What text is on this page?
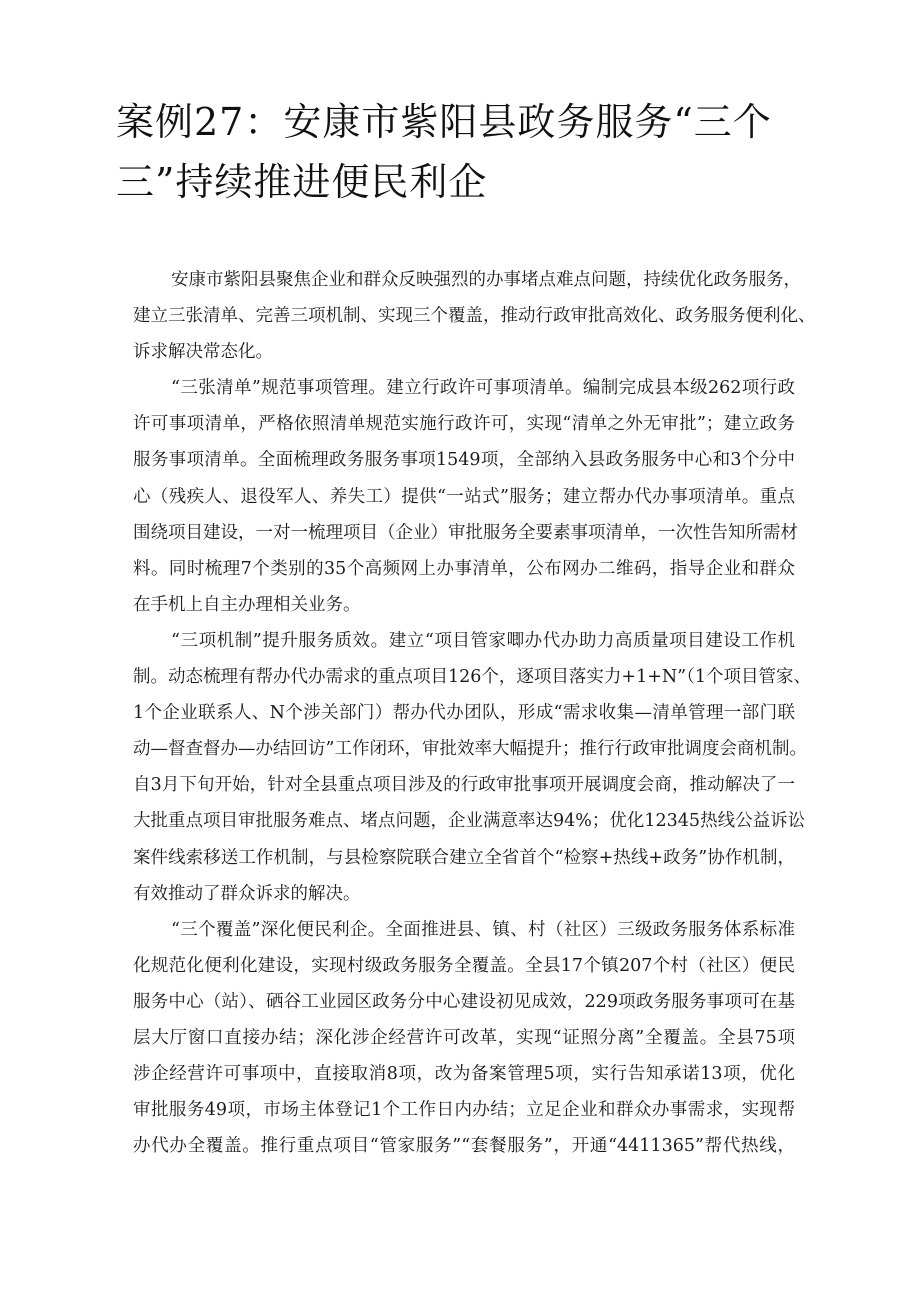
案例27：安康市紫阳县政务服务“三个
三”持续推进便民利企
安康市紫阳县聚焦企业和群众反映强烈的办事堵点难点问题，持续优化政务服务，
建立三张清单、完善三项机制、实现三个覆盖，推动行政审批高效化、政务服务便利化、
诉求解决常态化。
“三张清单”规范事项管理。建立行政许可事项清单。编制完成县本级262项行政
许可事项清单，严格依照清单规范实施行政许可，实现“清单之外无审批”；建立政务
服务事项清单。全面梳理政务服务事项1549项，全部纳入县政务服务中心和3个分中
心（残疾人、退役军人、养失工）提供“一站式”服务；建立帮办代办事项清单。重点
围绕项目建设，一对一梳理项目（企业）审批服务全要素事项清单，一次性告知所需材
料。同时梳理7个类别的35个高频网上办事清单，公布网办二维码，指导企业和群众
在手机上自主办理相关业务。
“三项机制”提升服务质效。建立“项目管家唧办代办助力高质量项目建设工作机
制。动态梳理有帮办代办需求的重点项目126个，逐项目落实力+1+N”（1个项目管家、
1个企业联系人、N个涉关部门）帮办代办团队，形成“需求收集—清单管理一部门联
动—督查督办—办结回访”工作闭环，审批效率大幅提升；推行行政审批调度会商机制。
自3月下旬开始，针对全县重点项目涉及的行政审批事项开展调度会商，推动解决了一
大批重点项目审批服务难点、堵点问题，企业满意率达94%；优化12345热线公益诉讼
案件线索移送工作机制，与县检察院联合建立全省首个“检察+热线+政务”协作机制，
有效推动了群众诉求的解决。
“三个覆盖”深化便民利企。全面推进县、镇、村（社区）三级政务服务体系标准
化规范化便利化建设，实现村级政务服务全覆盖。全县17个镇207个村（社区）便民
服务中心（站）、硒谷工业园区政务分中心建设初见成效，229项政务服务事项可在基
层大厅窗口直接办结；深化涉企经营许可改革，实现“证照分离”全覆盖。全县75项
涉企经营许可事项中，直接取消8项，改为备案管理5项，实行告知承诺13项，优化
审批服务49项，市场主体登记1个工作日内办结；立足企业和群众办事需求，实现帮
办代办全覆盖。推行重点项目“管家服务”“套餐服务”，开通“4411365”帮代热线，
